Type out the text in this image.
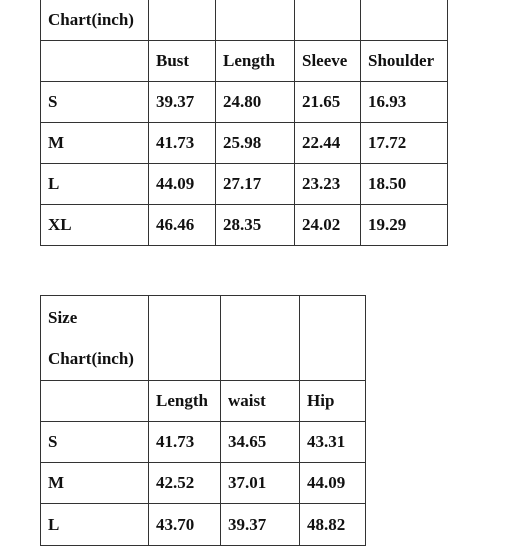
Chart(inch)				
	Bust	Length	Sleeve	Shoulder
S	39.37	24.80	21.65	16.93
M	41.73	25.98	22.44	17.72
L	44.09	27.17	23.23	18.50
XL	46.46	28.35	24.02	19.29
Size
Chart(inch)			

	Length	waist	Hip
S	41.73	34.65	43.31
M	42.52	37.01	44.09
L	43.70	39.37	48.82
